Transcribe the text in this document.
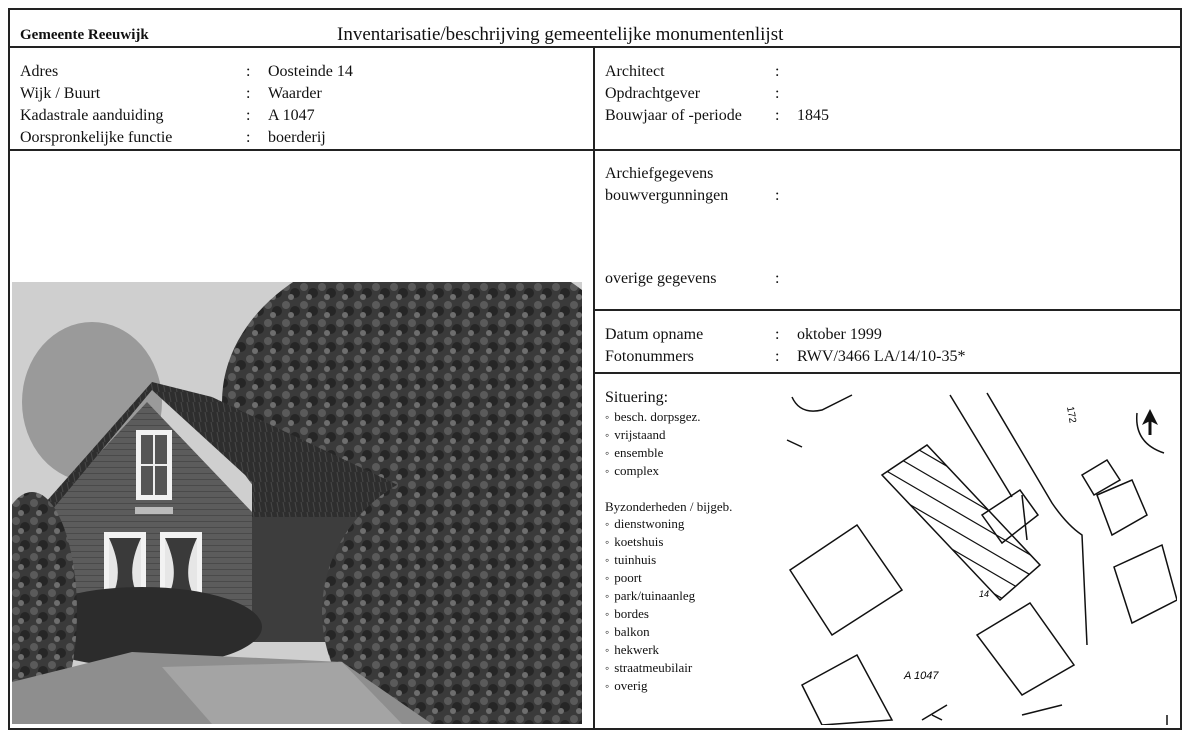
Gemeente Reeuwijk	Inventarisatie/beschrijving gemeentelijke monumentenlijst
Adres	: Oosteinde 14
Wijk / Buurt	: Waarder
Kadastrale aanduiding	: A 1047
Oorspronkelijke functie	: boerderij
Architect	:
Opdrachtgever	:
Bouwjaar of -periode : 1845
Archiefgegevens
bouwvergunningen	:
overige gegevens	:
Datum opname	: oktober 1999
Fotonummers	: RWV/3466 LA/14/10-35*
Situering:
◦ besch. dorpsgez.
◦ vrijstaand
◦ ensemble
◦ complex
Byzonderheden / bijgeb.
◦ dienstwoning
◦ koetshuis
◦ tuinhuis
◦ poort
◦ park/tuinaanleg
◦ bordes
◦ balkon
◦ hekwerk
◦ straatmeubilair
◦ overig
172
14
A 1047
